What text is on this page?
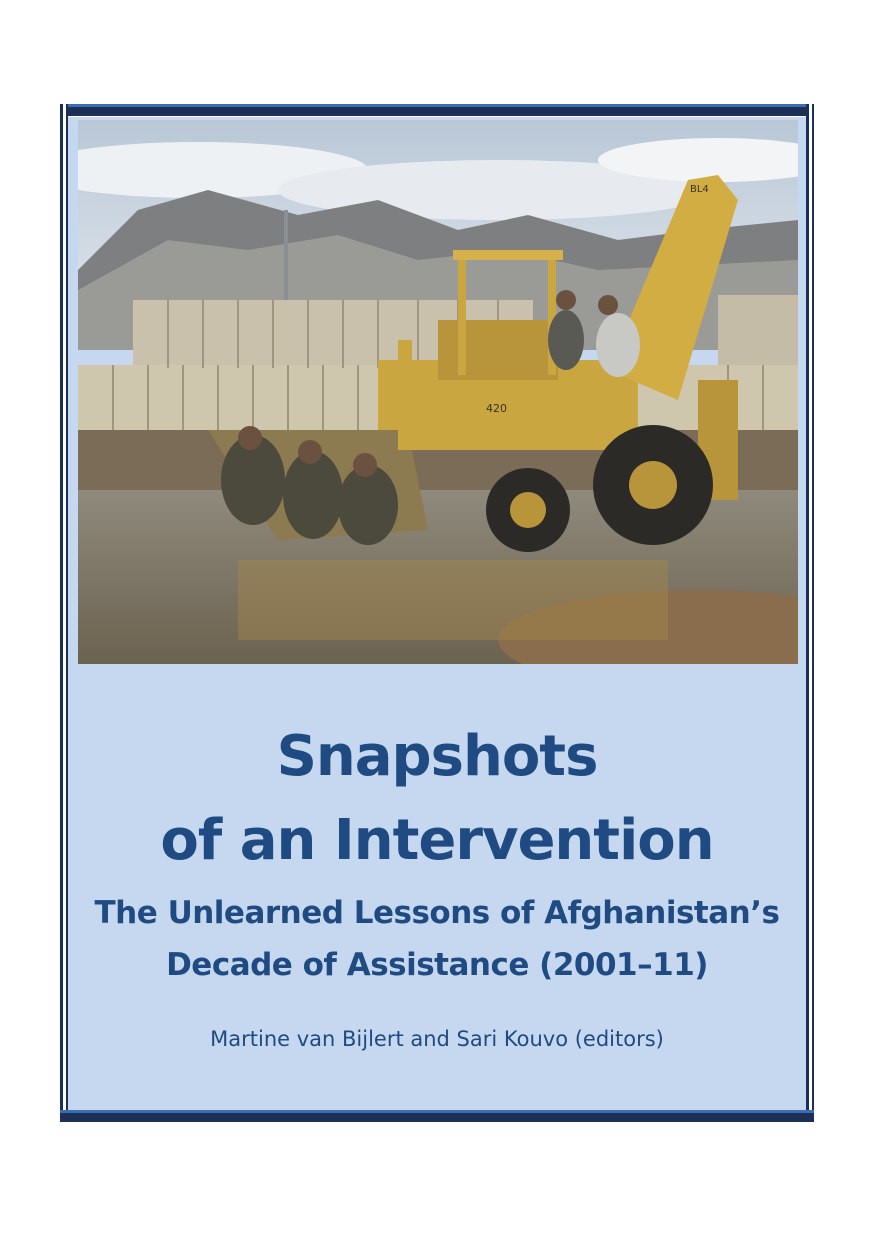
BL4
420

Snapshots

of an Intervention

The Unlearned Lessons of Afghanistan’s

Decade of Assistance (2001–11)

Martine van Bijlert and Sari Kouvo (editors)
